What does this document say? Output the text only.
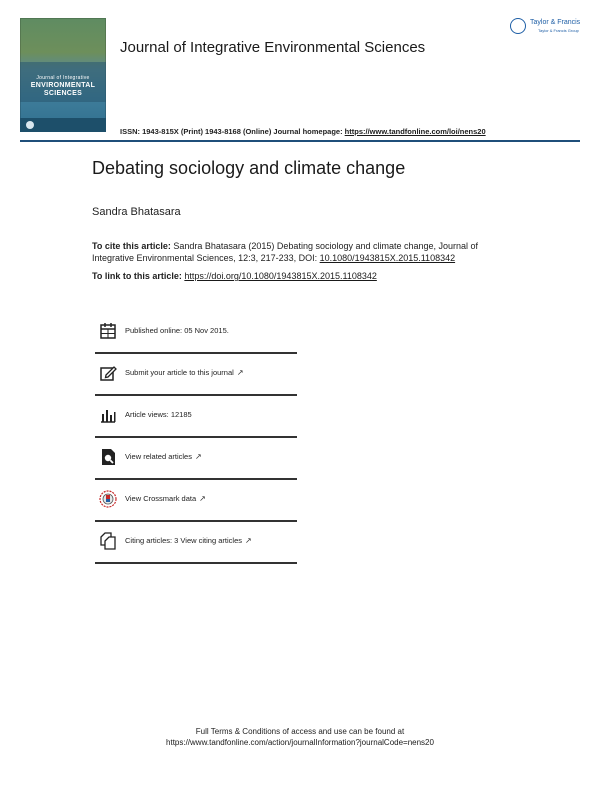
Journal of Integrative
ENVIRONMENTAL
SCIENCES
Taylor & Francis
Taylor & Francis Group
Journal of Integrative Environmental Sciences
ISSN: 1943-815X (Print) 1943-8168 (Online) Journal homepage: https://www.tandfonline.com/loi/nens20
Debating sociology and climate change
Sandra Bhatasara
To cite this article: Sandra Bhatasara (2015) Debating sociology and climate change, Journal of Integrative Environmental Sciences, 12:3, 217-233, DOI: 10.1080/1943815X.2015.1108342
To link to this article: https://doi.org/10.1080/1943815X.2015.1108342
Published online: 05 Nov 2015.
Submit your article to this journal ↗
Article views: 12185
View related articles ↗
View Crossmark data ↗
Citing articles: 3 View citing articles ↗
Full Terms & Conditions of access and use can be found at
https://www.tandfonline.com/action/journalInformation?journalCode=nens20
